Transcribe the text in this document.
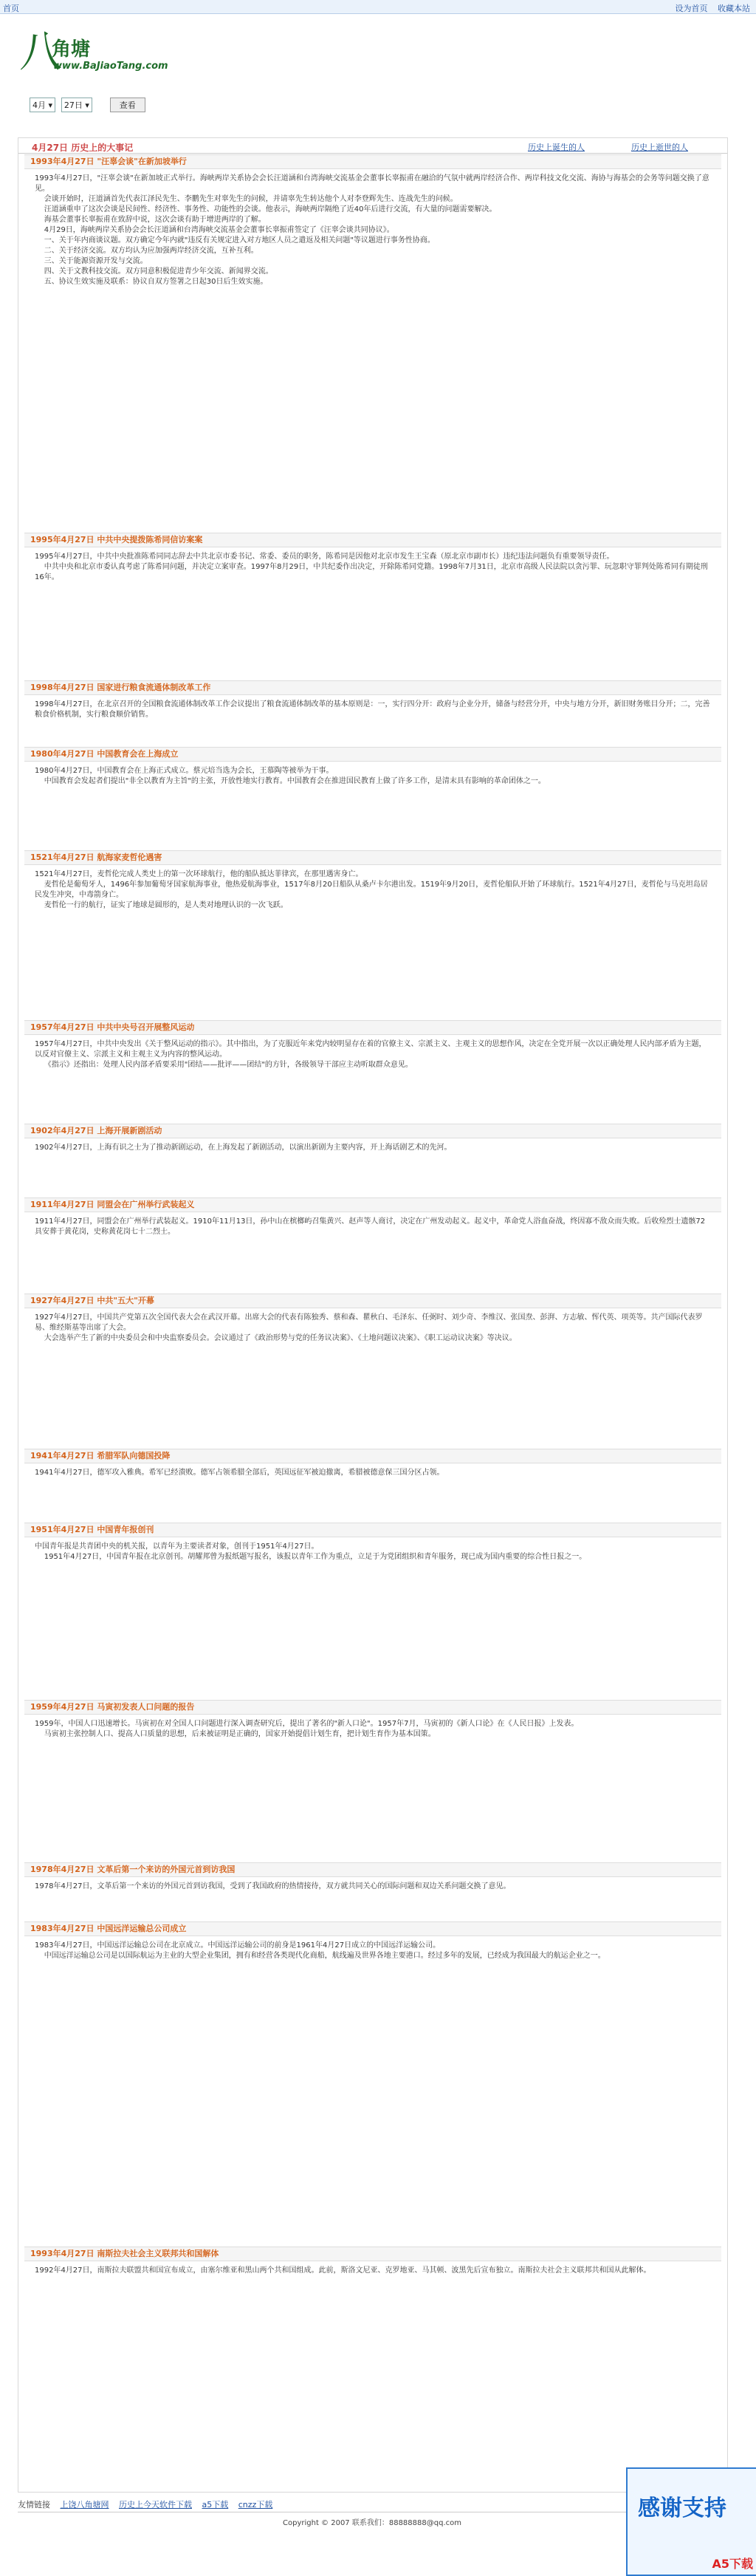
首页	设为首页 收藏本站
八
角塘
www.BaJiaoTang.com
4月 ▾ 27日 ▾	查看
4月27日 历史上的大事记	历史上诞生的人	历史上逝世的人
1993年4月27日 "汪辜会谈"在新加坡举行
1993年4月27日，"汪辜会谈"在新加坡正式举行。海峡两岸关系协会会长汪道涵和台湾海峡交流基金会董事长辜振甫在融洽的气氛中就两岸经济合作、两岸科技文化交流、海协与海基会的会务等问题交换了意见。
会谈开始时，汪道涵首先代表江泽民先生、李鹏先生对辜先生的问候，并请辜先生转达他个人对李登辉先生、连战先生的问候。
汪道涵重申了这次会谈是民间性、经济性、事务性、功能性的会谈。他表示，海峡两岸隔绝了近40年后进行交流，有大量的问题需要解决。
海基会董事长辜振甫在致辞中说，这次会谈有助于增进两岸的了解。
4月29日，海峡两岸关系协会会长汪道涵和台湾海峡交流基金会董事长辜振甫签定了《汪辜会谈共同协议》。
一、关于年内商谈议题。双方确定今年内就"违反有关规定进入对方地区人员之遣返及相关问题"等议题进行事务性协商。
二、关于经济交流。双方均认为应加强两岸经济交流，互补互利。
三、关于能源资源开发与交流。
四、关于文教科技交流。双方同意积极促进青少年交流、新闻界交流。
五、协议生效实施及联系：协议自双方签署之日起30日后生效实施。
1995年4月27日 中共中央提拨陈希同信访案案
1995年4月27日，中共中央批准陈希同同志辞去中共北京市委书记、常委、委员的职务，陈希同是因他对北京市发生王宝森（原北京市副市长）违纪违法问题负有重要领导责任。
中共中央和北京市委认真考虑了陈希同问题，并决定立案审查。1997年8月29日，中共纪委作出决定，开除陈希同党籍。1998年7月31日，北京市高级人民法院以贪污罪、玩忽职守罪判处陈希同有期徒刑16年。
1998年4月27日 国家进行粮食流通体制改革工作
1998年4月27日，在北京召开的全国粮食流通体制改革工作会议提出了粮食流通体制改革的基本原则是：一，实行四分开：政府与企业分开，储备与经营分开，中央与地方分开，新旧财务账目分开；二，完善粮食价格机制，实行粮食顺价销售。
1980年4月27日 中国教育会在上海成立
1980年4月27日，中国教育会在上海正式成立。蔡元培当选为会长，王慕陶等被举为干事。
中国教育会发起者们提出"非全以教育为主旨"的主张，开放性地实行教育。中国教育会在推进国民教育上做了许多工作，是清末具有影响的革命团体之一。
1521年4月27日 航海家麦哲伦遇害
1521年4月27日，麦哲伦完成人类史上的第一次环球航行，他的船队抵达菲律宾，在那里遇害身亡。
麦哲伦是葡萄牙人，1496年参加葡萄牙国家航海事业，他热爱航海事业，1517年8月20日船队从桑卢卡尔港出发。1519年9月20日，麦哲伦船队开始了环球航行。1521年4月27日，麦哲伦与马克坦岛居民发生冲突，中毒箭身亡。
麦哲伦一行的航行，证实了地球是圆形的，是人类对地理认识的一次飞跃。
1957年4月27日 中共中央号召开展整风运动
1957年4月27日，中共中央发出《关于整风运动的指示》。其中指出，为了克服近年来党内较明显存在着的官僚主义、宗派主义、主观主义的思想作风，决定在全党开展一次以正确处理人民内部矛盾为主题，以反对官僚主义、宗派主义和主观主义为内容的整风运动。
《指示》还指出：处理人民内部矛盾要采用"团结——批评——团结"的方针，各级领导干部应主动听取群众意见。
1902年4月27日 上海开展新剧活动
1902年4月27日，上海有识之士为了推动新剧运动，在上海发起了新剧活动，以演出新剧为主要内容，开上海话剧艺术的先河。
1911年4月27日 同盟会在广州举行武装起义
1911年4月27日，同盟会在广州举行武装起义。1910年11月13日，孙中山在槟榔屿召集黄兴、赵声等人商讨，决定在广州发动起义。起义中，革命党人浴血奋战，终因寡不敌众而失败。后收殓烈士遗骸72具安葬于黄花岗，史称黄花岗七十二烈士。
1927年4月27日 中共"五大"开幕
1927年4月27日，中国共产党第五次全国代表大会在武汉开幕。出席大会的代表有陈独秀、蔡和森、瞿秋白、毛泽东、任弼时、刘少奇、李维汉、张国焘、彭湃、方志敏、恽代英、项英等。共产国际代表罗易、维经斯基等出席了大会。
大会选举产生了新的中央委员会和中央监察委员会。会议通过了《政治形势与党的任务议决案》、《土地问题议决案》、《职工运动议决案》等决议。
1941年4月27日 希腊军队向德国投降
1941年4月27日，德军攻入雅典。希军已经溃败。德军占领希腊全部后，英国远征军被迫撤离，希腊被德意保三国分区占领。
1951年4月27日 中国青年报创刊
中国青年报是共青团中央的机关报，以青年为主要读者对象，创刊于1951年4月27日。
1951年4月27日，中国青年报在北京创刊。胡耀邦曾为报纸题写报名，该报以青年工作为重点，立足于为党团组织和青年服务，现已成为国内重要的综合性日报之一。
1959年4月27日 马寅初发表人口问题的报告
1959年，中国人口迅速增长。马寅初在对全国人口问题进行深入调查研究后，提出了著名的"新人口论"。1957年7月，马寅初的《新人口论》在《人民日报》上发表。
马寅初主张控制人口、提高人口质量的思想，后来被证明是正确的，国家开始提倡计划生育，把计划生育作为基本国策。
1978年4月27日 文革后第一个来访的外国元首到访我国
1978年4月27日，文革后第一个来访的外国元首到访我国，受到了我国政府的热情接待，双方就共同关心的国际问题和双边关系问题交换了意见。
1983年4月27日 中国远洋运输总公司成立
1983年4月27日，中国远洋运输总公司在北京成立。中国远洋运输公司的前身是1961年4月27日成立的中国远洋运输公司。
中国远洋运输总公司是以国际航运为主业的大型企业集团，拥有和经营各类现代化商船，航线遍及世界各地主要港口。经过多年的发展，已经成为我国最大的航运企业之一。
1993年4月27日 南斯拉夫社会主义联邦共和国解体
1992年4月27日，南斯拉夫联盟共和国宣布成立，由塞尔维亚和黑山两个共和国组成。此前，斯洛文尼亚、克罗地亚、马其顿、波黑先后宣布独立。南斯拉夫社会主义联邦共和国从此解体。
友情链接 上饶八角塘网 历史上今天软件下载 a5下载 cnzz下载
Copyright © 2007 联系我们：88888888@qq.com
感谢支持
A5下载
